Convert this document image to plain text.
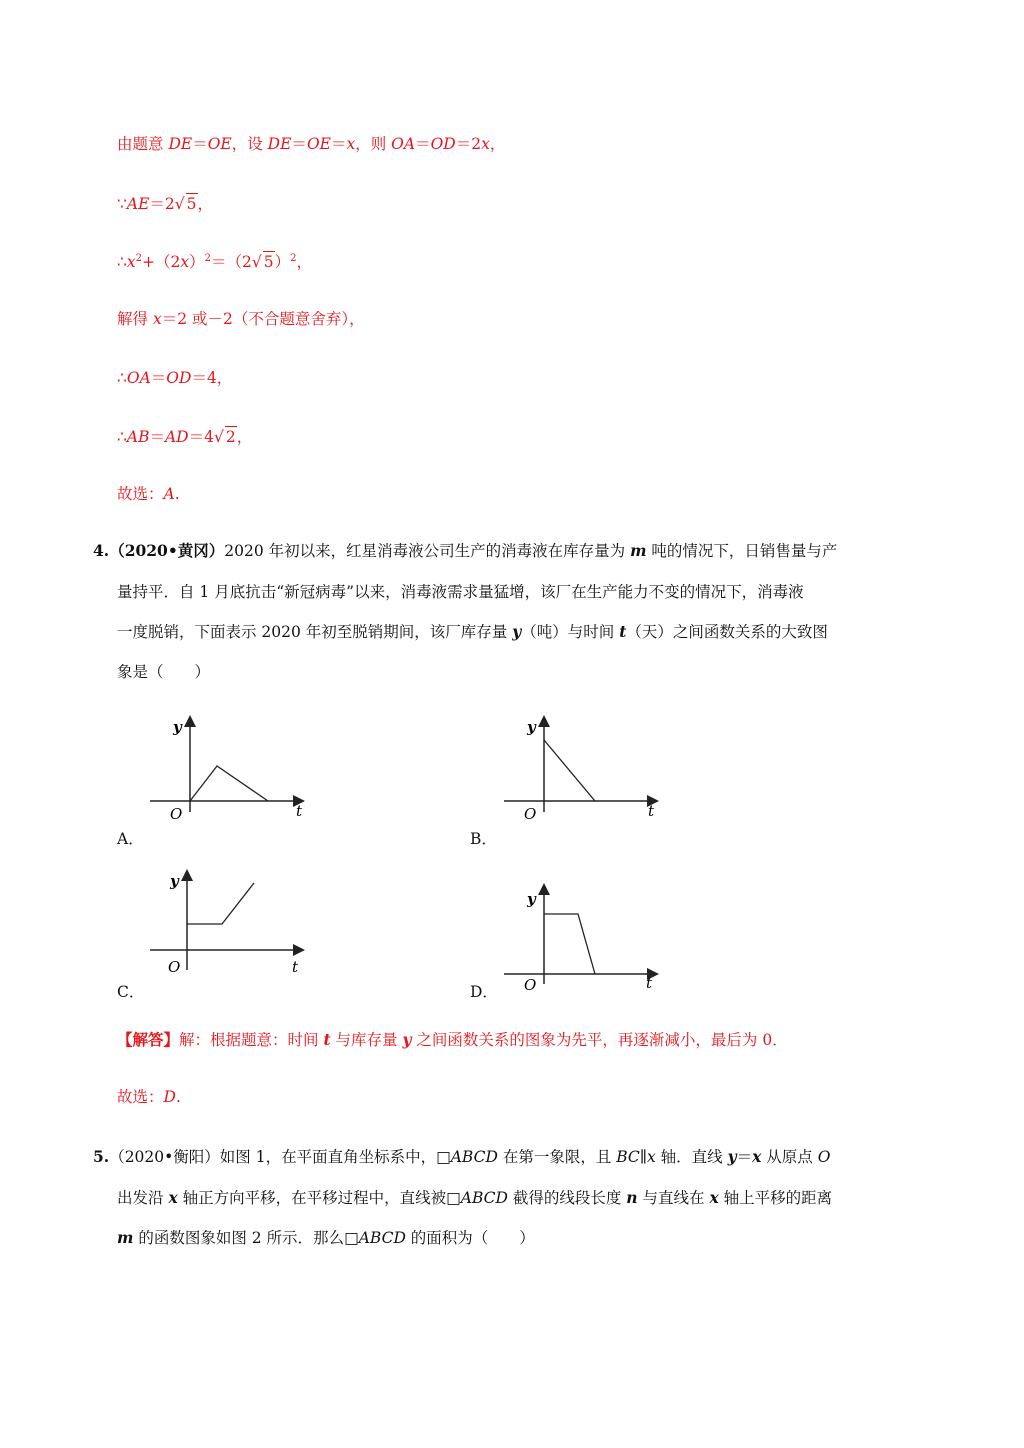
由题意 DE＝OE，设 DE＝OE＝x，则 OA＝OD＝2x，
∵AE＝2√ 5，
$\therefore x^2+(2x)^2=(2√$ 5）$^2$，
解得 x＝2 或－2（不合题意舍弃），
∴OA＝OD＝4，
∴AB＝AD＝4√ 2，
故选：A.
4.（2020•黄冈）2020 年初以来，红星消毒液公司生产的消毒液在库存量为 m 吨的情况下，日销售量与产
量持平．自 1 月底抗击“新冠病毒”以来，消毒液需求量猛增，该厂在生产能力不变的情况下，消毒液
一度脱销，下面表示 2020 年初至脱销期间，该厂库存量 y（吨）与时间 t（天）之间函数关系的大致图
象是（　　）
y
t
O
A．
y
t
O
B．
y
t
O
C．
y
t
O
D．
【解答】解：根据题意：时间 t 与库存量 y 之间函数关系的图象为先平，再逐渐减小，最后为 0．
故选：D.
5.（2020•衡阳）如图 1，在平面直角坐标系中，□ABCD 在第一象限，且 BC∥x 轴．直线 y＝x 从原点 O
出发沿 x 轴正方向平移，在平移过程中，直线被□ABCD 截得的线段长度 n 与直线在 x 轴上平移的距离
m 的函数图象如图 2 所示．那么□ABCD 的面积为（　　）
